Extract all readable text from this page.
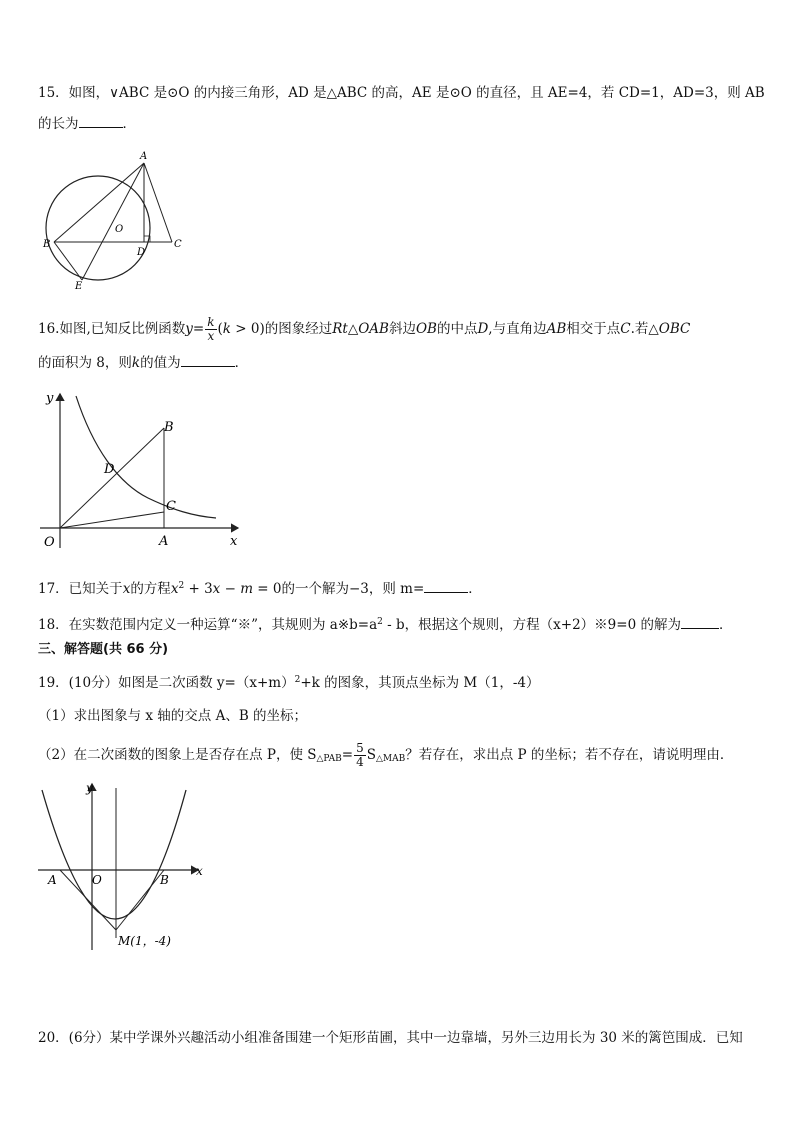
15．如图，∨ABC 是⊙O 的内接三角形，AD 是△ABC 的高，AE 是⊙O 的直径，且 AE=4，若 CD=1，AD=3，则 AB
的长为	．
A
B	C
D
E
O
16.如图,已知反比例函数$y= \frac{k}{x} (k > 0)$的图象经过Rt△OAB斜边OB的中点D,与直角边AB相交于点C.若△OBC
的面积为 8，则k的值为	．
y
x
O	A
B
C
D
17．已知关于x的方程$x^2 + 3x - m = 0$的一个解为−3，则 m=	．
18．在实数范围内定义一种运算“※”，其规则为 $a※b=a^2 - b$，根据这个规则，方程（x+2）※9=0 的解为	．
三、解答题(共 66 分)
19．(10分）如图是二次函数 $y=(x+m)^2+k$ 的图象，其顶点坐标为 M（1，-4）
（1）求出图象与 x 轴的交点 A、B 的坐标；
（2）在二次函数的图象上是否存在点 P，使 $S_{\triangle PAB}= \frac{5}{4} S_{\triangle MAB}$？若存在，求出点 P 的坐标；若不存在，请说明理由．
y
x
O
A	B
M(1，-4)
20．(6分）某中学课外兴趣活动小组准备围建一个矩形苗圃，其中一边靠墙，另外三边用长为 30 米的篱笆围成．已知
